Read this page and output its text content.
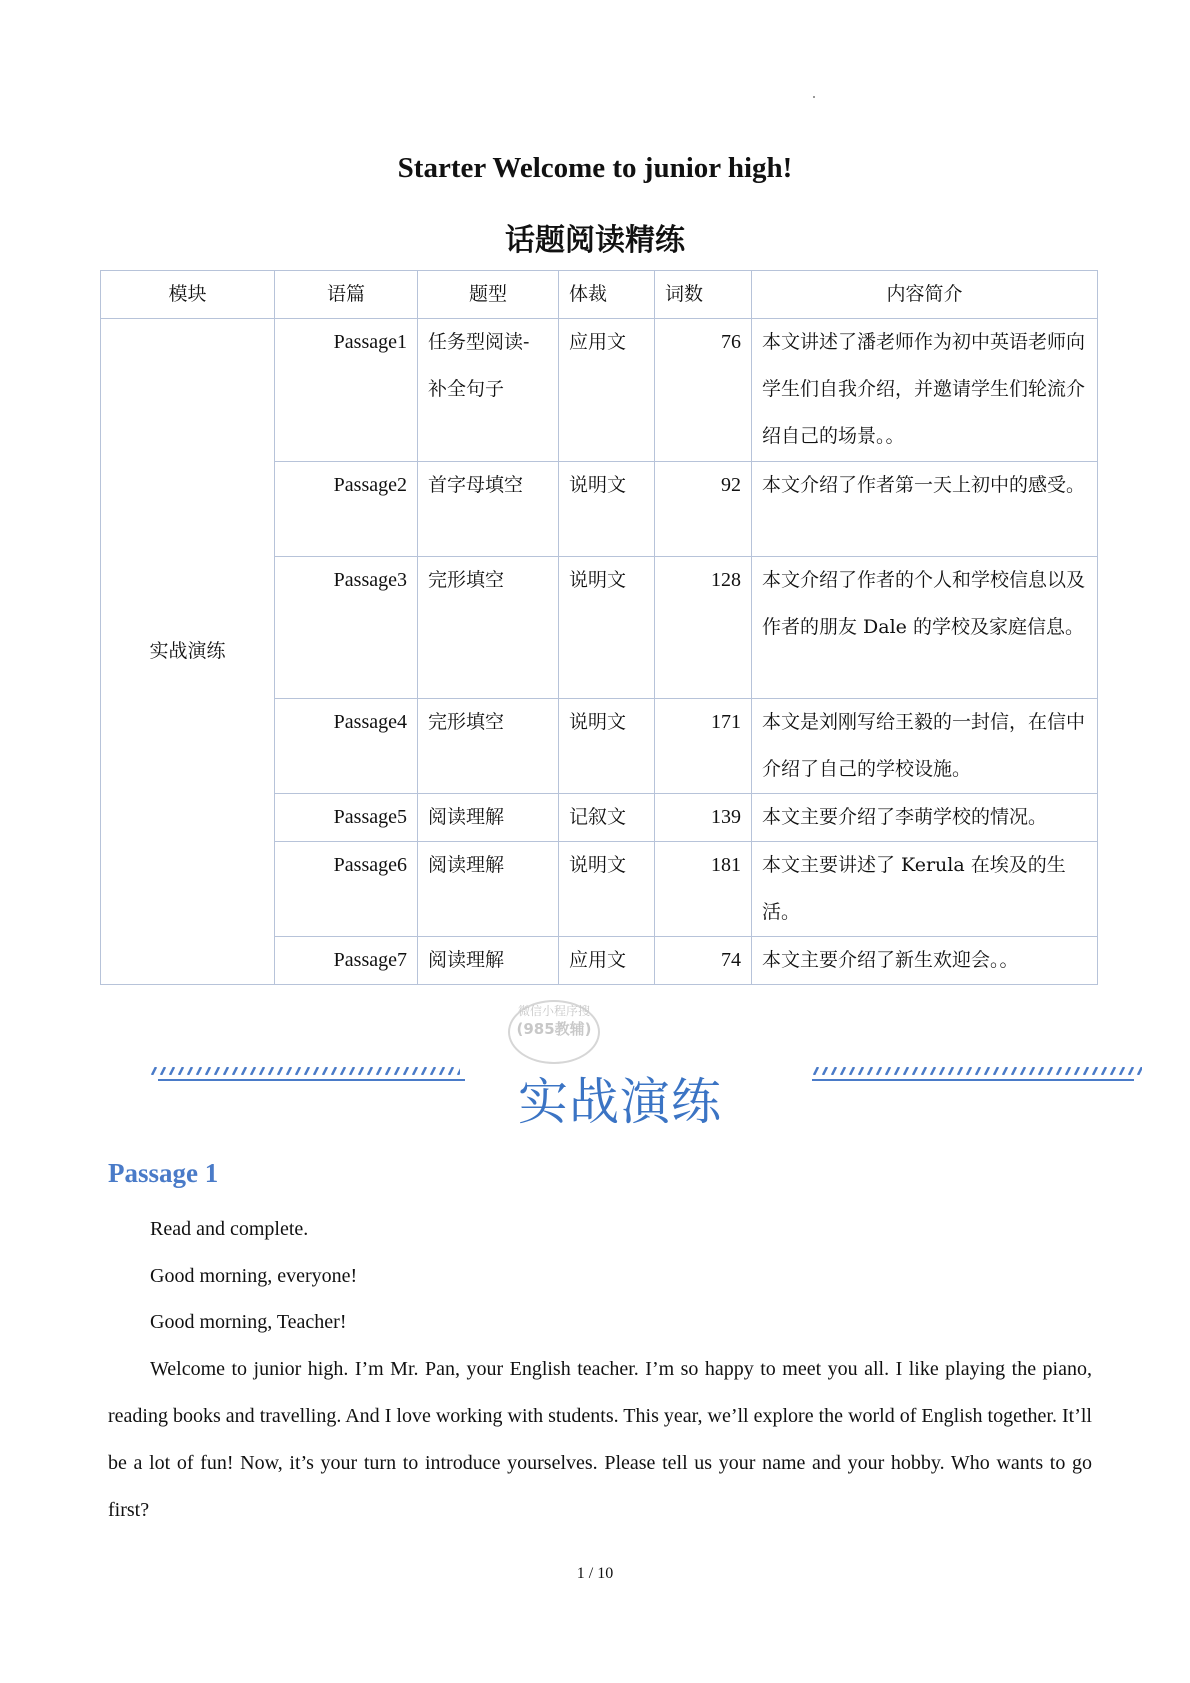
Starter Welcome to junior high!
话题阅读精练
模块	语篇	题型	体裁	词数	内容简介
实战演练	Passage1	任务型阅读-补全句子	应用文	76	本文讲述了潘老师作为初中英语老师向学生们自我介绍，并邀请学生们轮流介绍自己的场景。。
	Passage2	首字母填空	说明文	92	本文介绍了作者第一天上初中的感受。
	Passage3	完形填空	说明文	128	本文介绍了作者的个人和学校信息以及作者的朋友 Dale 的学校及家庭信息。
	Passage4	完形填空	说明文	171	本文是刘刚写给王毅的一封信，在信中介绍了自己的学校设施。
	Passage5	阅读理解	记叙文	139	本文主要介绍了李萌学校的情况。
	Passage6	阅读理解	说明文	181	本文主要讲述了 Kerula 在埃及的生活。
	Passage7	阅读理解	应用文	74	本文主要介绍了新生欢迎会。。
微信小程序搜
(985教辅)
实战演练
Passage 1
Read and complete.
Good morning, everyone!
Good morning, Teacher!
Welcome to junior high. I’m Mr. Pan, your English teacher. I’m so happy to meet you all. I like playing the piano, reading books and travelling. And I love working with students. This year, we’ll explore the world of English together. It’ll be a lot of fun! Now, it’s your turn to introduce yourselves. Please tell us your name and your hobby. Who wants to go first?
1 / 10
